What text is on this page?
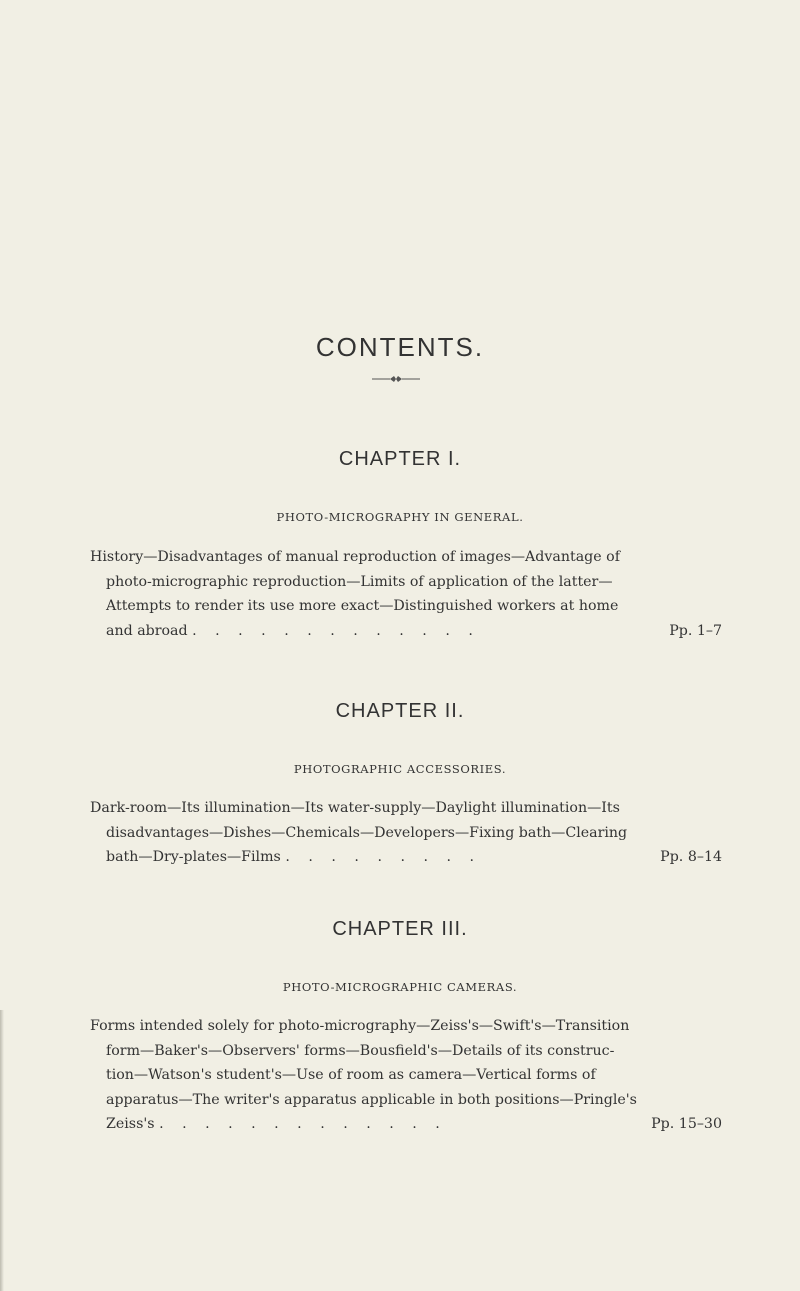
CONTENTS.

CHAPTER I.

PHOTO-MICROGRAPHY IN GENERAL.

History—Disadvantages of manual reproduction of images—Advantage of
photo-micrographic reproduction—Limits of application of the latter—
Attempts to render its use more exact—Distinguished workers at home
and abroad . . . . . . . . . . . . .	Pp. 1–7

CHAPTER II.

PHOTOGRAPHIC ACCESSORIES.

Dark-room—Its illumination—Its water-supply—Daylight illumination—Its
disadvantages—Dishes—Chemicals—Developers—Fixing bath—Clearing
bath—Dry-plates—Films . . . . . . . . .	Pp. 8–14

CHAPTER III.

PHOTO-MICROGRAPHIC CAMERAS.

Forms intended solely for photo-micrography—Zeiss's—Swift's—Transition
form—Baker's—Observers' forms—Bousfield's—Details of its construc-
tion—Watson's student's—Use of room as camera—Vertical forms of
apparatus—The writer's apparatus applicable in both positions—Pringle's
Zeiss's . . . . . . . . . . . . .	Pp. 15–30
